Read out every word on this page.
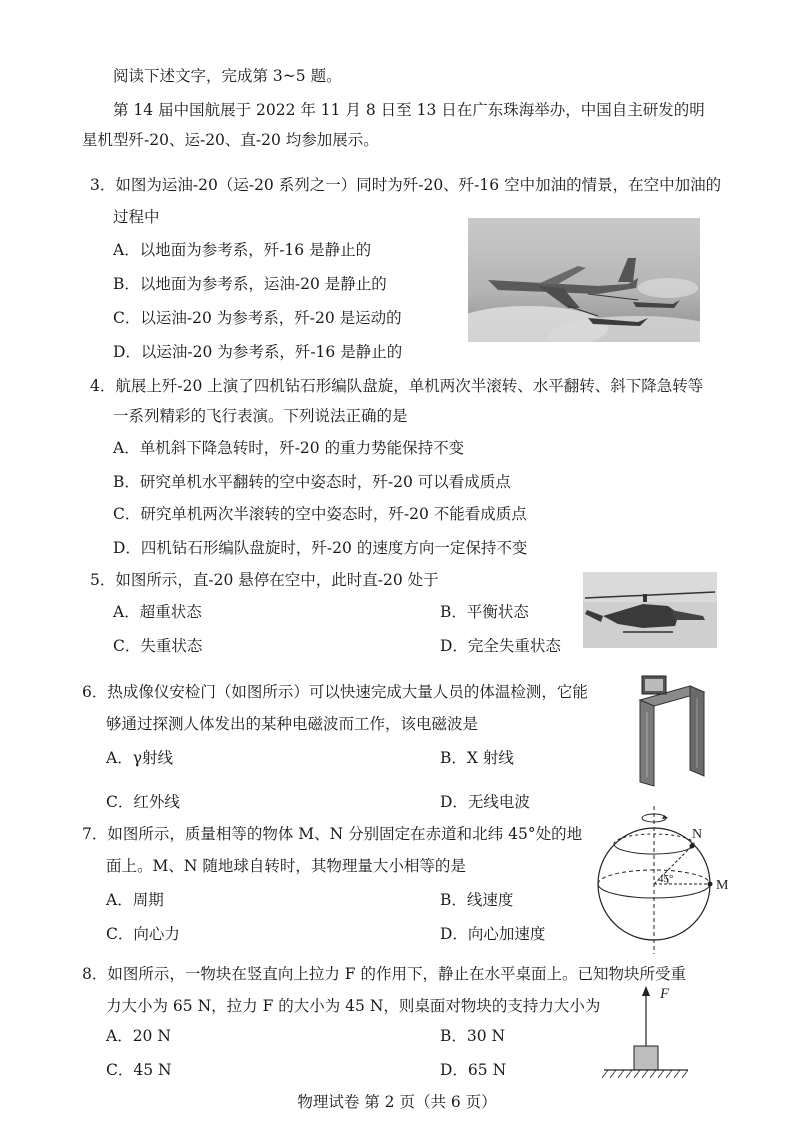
阅读下述文字，完成第 3~5 题。
第 14 届中国航展于 2022 年 11 月 8 日至 13 日在广东珠海举办，中国自主研发的明
星机型歼-20、运-20、直-20 均参加展示。
3．如图为运油-20（运-20 系列之一）同时为歼-20、歼-16 空中加油的情景，在空中加油的
过程中
A．以地面为参考系，歼-16 是静止的
B．以地面为参考系，运油-20 是静止的
C．以运油-20 为参考系，歼-20 是运动的
D．以运油-20 为参考系，歼-16 是静止的
4．航展上歼-20 上演了四机钻石形编队盘旋，单机两次半滚转、水平翻转、斜下降急转等
一系列精彩的飞行表演。下列说法正确的是
A．单机斜下降急转时，歼-20 的重力势能保持不变
B．研究单机水平翻转的空中姿态时，歼-20 可以看成质点
C．研究单机两次半滚转的空中姿态时，歼-20 不能看成质点
D．四机钻石形编队盘旋时，歼-20 的速度方向一定保持不变
5．如图所示，直-20 悬停在空中，此时直-20 处于
A．超重状态	B．平衡状态
C．失重状态	D．完全失重状态
6．热成像仪安检门（如图所示）可以快速完成大量人员的体温检测，它能
够通过探测人体发出的某种电磁波而工作，该电磁波是
A．γ射线	B．X 射线
C．红外线	D．无线电波
7．如图所示，质量相等的物体 M、N 分别固定在赤道和北纬 45°处的地
面上。M、N 随地球自转时，其物理量大小相等的是
A．周期	B．线速度
C．向心力	D．向心加速度
N
M
45°
8．如图所示，一物块在竖直向上拉力 F 的作用下，静止在水平桌面上。已知物块所受重
力大小为 65 N，拉力 F 的大小为 45 N，则桌面对物块的支持力大小为
A．20 N	B．30 N
C．45 N	D．65 N
F
物理试卷 第 2 页（共 6 页）
